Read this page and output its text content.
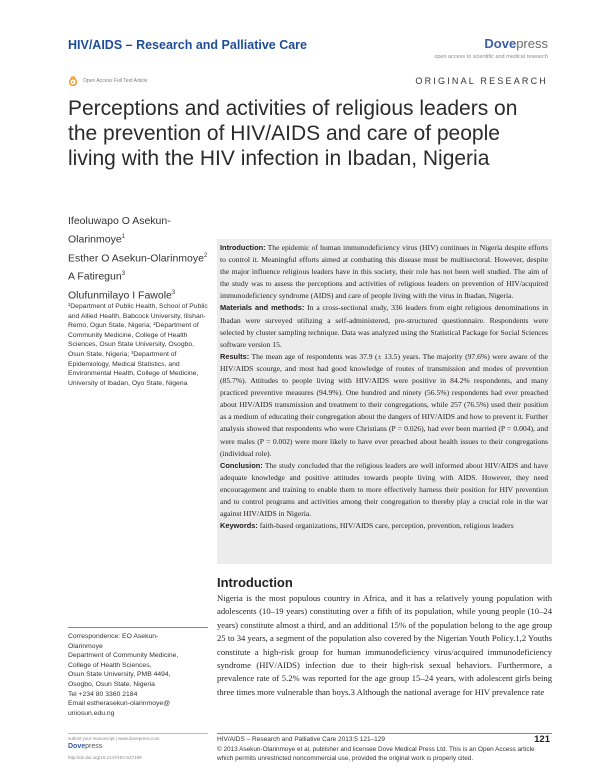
HIV/AIDS – Research and Palliative Care	Dovepress
open access to scientific and medical research
Open Access Full Text Article	ORIGINAL RESEARCH
Perceptions and activities of religious leaders on the prevention of HIV/AIDS and care of people living with the HIV infection in Ibadan, Nigeria
Ifeoluwapo O Asekun-Olarinmoye$^1$
Esther O Asekun-Olarinmoye$^2$
A Fatiregun$^3$
Olufunmilayo I Fawole$^3$
¹Department of Public Health, School of Public and Allied Health, Babcock University, Ilishan-Remo, Ogun State, Nigeria; ²Department of Community Medicine, College of Health Sciences, Osun State University, Osogbo, Osun State, Nigeria; ³Department of Epidemiology, Medical Statistics, and Environmental Health, College of Medicine, University of Ibadan, Oyo State, Nigeria
Correspondence: EO Asekun-
Olarinmoye
Department of Community Medicine,
College of Health Sciences,
Osun State University, PMB 4494,
Osogbo, Osun State, Nigeria
Tel +234 80 3360 2184
Email estherasekun-olarinmoye@
uniosun.edu.ng
submit your manuscript | www.dovepress.com
Dovepress
http://dx.doi.org/10.2147/HIV.S47199
Introduction: The epidemic of human immunodeficiency virus (HIV) continues in Nigeria despite efforts to control it. Meaningful efforts aimed at combating this disease must be multisectoral. However, despite the major influence religious leaders have in this society, their role has not been well studied. The aim of the study was to assess the perceptions and activities of religious leaders on prevention of HIV/acquired immunodeficiency syndrome (AIDS) and care of people living with the virus in Ibadan, Nigeria.
Materials and methods: In a cross-sectional study, 336 leaders from eight religious denominations in Ibadan were surveyed utilizing a self-administered, pre-structured questionnaire. Respondents were selected by cluster sampling technique. Data was analyzed using the Statistical Package for Social Sciences software version 15.
Results: The mean age of respondents was 37.9 (± 13.5) years. The majority (97.6%) were aware of the HIV/AIDS scourge, and most had good knowledge of routes of transmission and modes of prevention (85.7%). Attitudes to people living with HIV/AIDS were positive in 84.2% respondents, and many practiced preventive measures (94.9%). One hundred and ninety (56.5%) respondents had ever preached about HIV/AIDS transmission and treatment to their congregations, while 257 (76.5%) used their position as a medium of educating their congregation about the dangers of HIV/AIDS and how to prevent it. Further analysis showed that respondents who were Christians (P = 0.026), had ever been married (P = 0.004), and were males (P = 0.002) were more likely to have ever preached about health issues to their congregations (individual role).
Conclusion: The study concluded that the religious leaders are well informed about HIV/AIDS and have adequate knowledge and positive attitudes towards people living with AIDS. However, they need encouragement and training to enable them to more effectively harness their position for HIV prevention and to control programs and activities among their congregation to thereby play a crucial role in the war against HIV/AIDS in Nigeria.
Keywords: faith-based organizations, HIV/AIDS care, perception, prevention, religious leaders
Introduction
Nigeria is the most populous country in Africa, and it has a relatively young population with adolescents (10–19 years) constituting over a fifth of its population, while young people (10–24 years) constitute almost a third, and an additional 15% of the population belong to the age group 25 to 34 years, a segment of the population also covered by the Nigerian Youth Policy.1,2 Youths constitute a high-risk group for human immunodeficiency virus/acquired immunodeficiency syndrome (HIV/AIDS) infection due to their high-risk sexual behaviors. Furthermore, a prevalence rate of 5.2% was reported for the age group 15–24 years, with adolescent girls being three times more vulnerable than boys.3 Although the national average for HIV prevalence rate
HIV/AIDS – Research and Palliative Care 2013:5 121–129	121
© 2013 Asekun-Olarinmoye et al, publisher and licensee Dove Medical Press Ltd. This is an Open Access article which permits unrestricted noncommercial use, provided the original work is properly cited.
